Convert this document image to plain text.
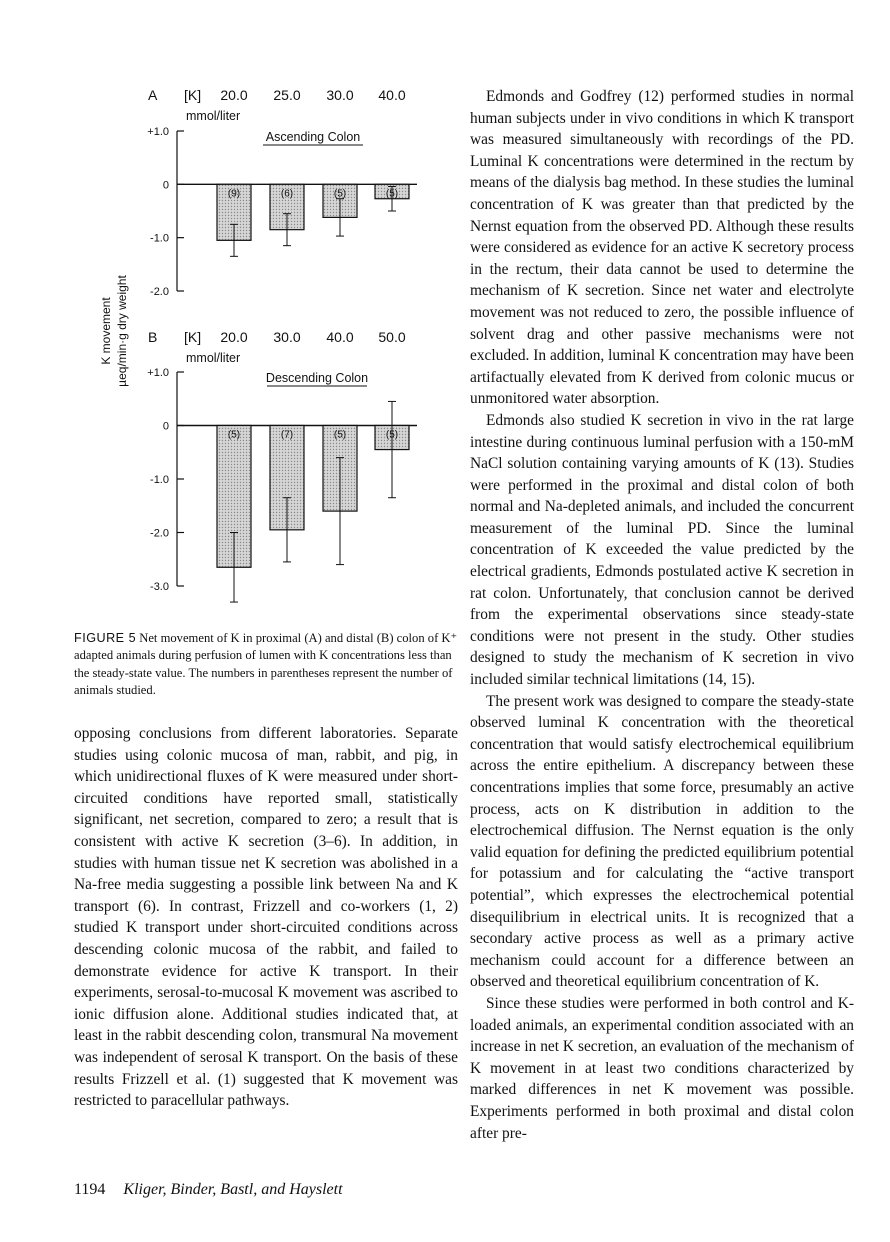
K movement µeq/min·g dry weight
A [K] 20.0 25.0 30.0 40.0
mmol/liter
Ascending Colon
+1.0
0
-1.0
-2.0
(9)	(6)	(5)	(5)
B [K] 20.0 30.0 40.0 50.0
mmol/liter
Descending Colon
+1.0
0
-1.0
-2.0
-3.0
(5)	(7)	(5)	(5)

FIGURE 5 Net movement of K in proximal (A) and distal (B) colon of K⁺ adapted animals during perfusion of lumen with K concentrations less than the steady-state value. The numbers in parentheses represent the number of animals studied.

opposing conclusions from different laboratories. Separate studies using colonic mucosa of man, rabbit, and pig, in which unidirectional fluxes of K were measured under short-circuited conditions have reported small, statistically significant, net secretion, compared to zero; a result that is consistent with active K secretion (3–6). In addition, in studies with human tissue net K secretion was abolished in a Na-free media suggesting a possible link between Na and K transport (6). In contrast, Frizzell and co-workers (1, 2) studied K transport under short-circuited conditions across descending colonic mucosa of the rabbit, and failed to demonstrate evidence for active K transport. In their experiments, serosal-to-mucosal K movement was ascribed to ionic diffusion alone. Additional studies indicated that, at least in the rabbit descending colon, transmural Na movement was independent of serosal K transport. On the basis of these results Frizzell et al. (1) suggested that K movement was restricted to paracellular pathways.

Edmonds and Godfrey (12) performed studies in normal human subjects under in vivo conditions in which K transport was measured simultaneously with recordings of the PD. Luminal K concentrations were determined in the rectum by means of the dialysis bag method. In these studies the luminal concentration of K was greater than that predicted by the Nernst equation from the observed PD. Although these results were considered as evidence for an active K secretory process in the rectum, their data cannot be used to determine the mechanism of K secretion. Since net water and electrolyte movement was not reduced to zero, the possible influence of solvent drag and other passive mechanisms were not excluded. In addition, luminal K concentration may have been artifactually elevated from K derived from colonic mucus or unmonitored water absorption.

Edmonds also studied K secretion in vivo in the rat large intestine during continuous luminal perfusion with a 150-mM NaCl solution containing varying amounts of K (13). Studies were performed in the proximal and distal colon of both normal and Na-depleted animals, and included the concurrent measurement of the luminal PD. Since the luminal concentration of K exceeded the value predicted by the electrical gradients, Edmonds postulated active K secretion in rat colon. Unfortunately, that conclusion cannot be derived from the experimental observations since steady-state conditions were not present in the study. Other studies designed to study the mechanism of K secretion in vivo included similar technical limitations (14, 15).

The present work was designed to compare the steady-state observed luminal K concentration with the theoretical concentration that would satisfy electrochemical equilibrium across the entire epithelium. A discrepancy between these concentrations implies that some force, presumably an active process, acts on K distribution in addition to the electrochemical diffusion. The Nernst equation is the only valid equation for defining the predicted equilibrium potential for potassium and for calculating the “active transport potential”, which expresses the electrochemical potential disequilibrium in electrical units. It is recognized that a secondary active process as well as a primary active mechanism could account for a difference between an observed and theoretical equilibrium concentration of K.

Since these studies were performed in both control and K-loaded animals, an experimental condition associated with an increase in net K secretion, an evaluation of the mechanism of K movement in at least two conditions characterized by marked differences in net K movement was possible. Experiments performed in both proximal and distal colon after pre-

1194 Kliger, Binder, Bastl, and Hayslett
